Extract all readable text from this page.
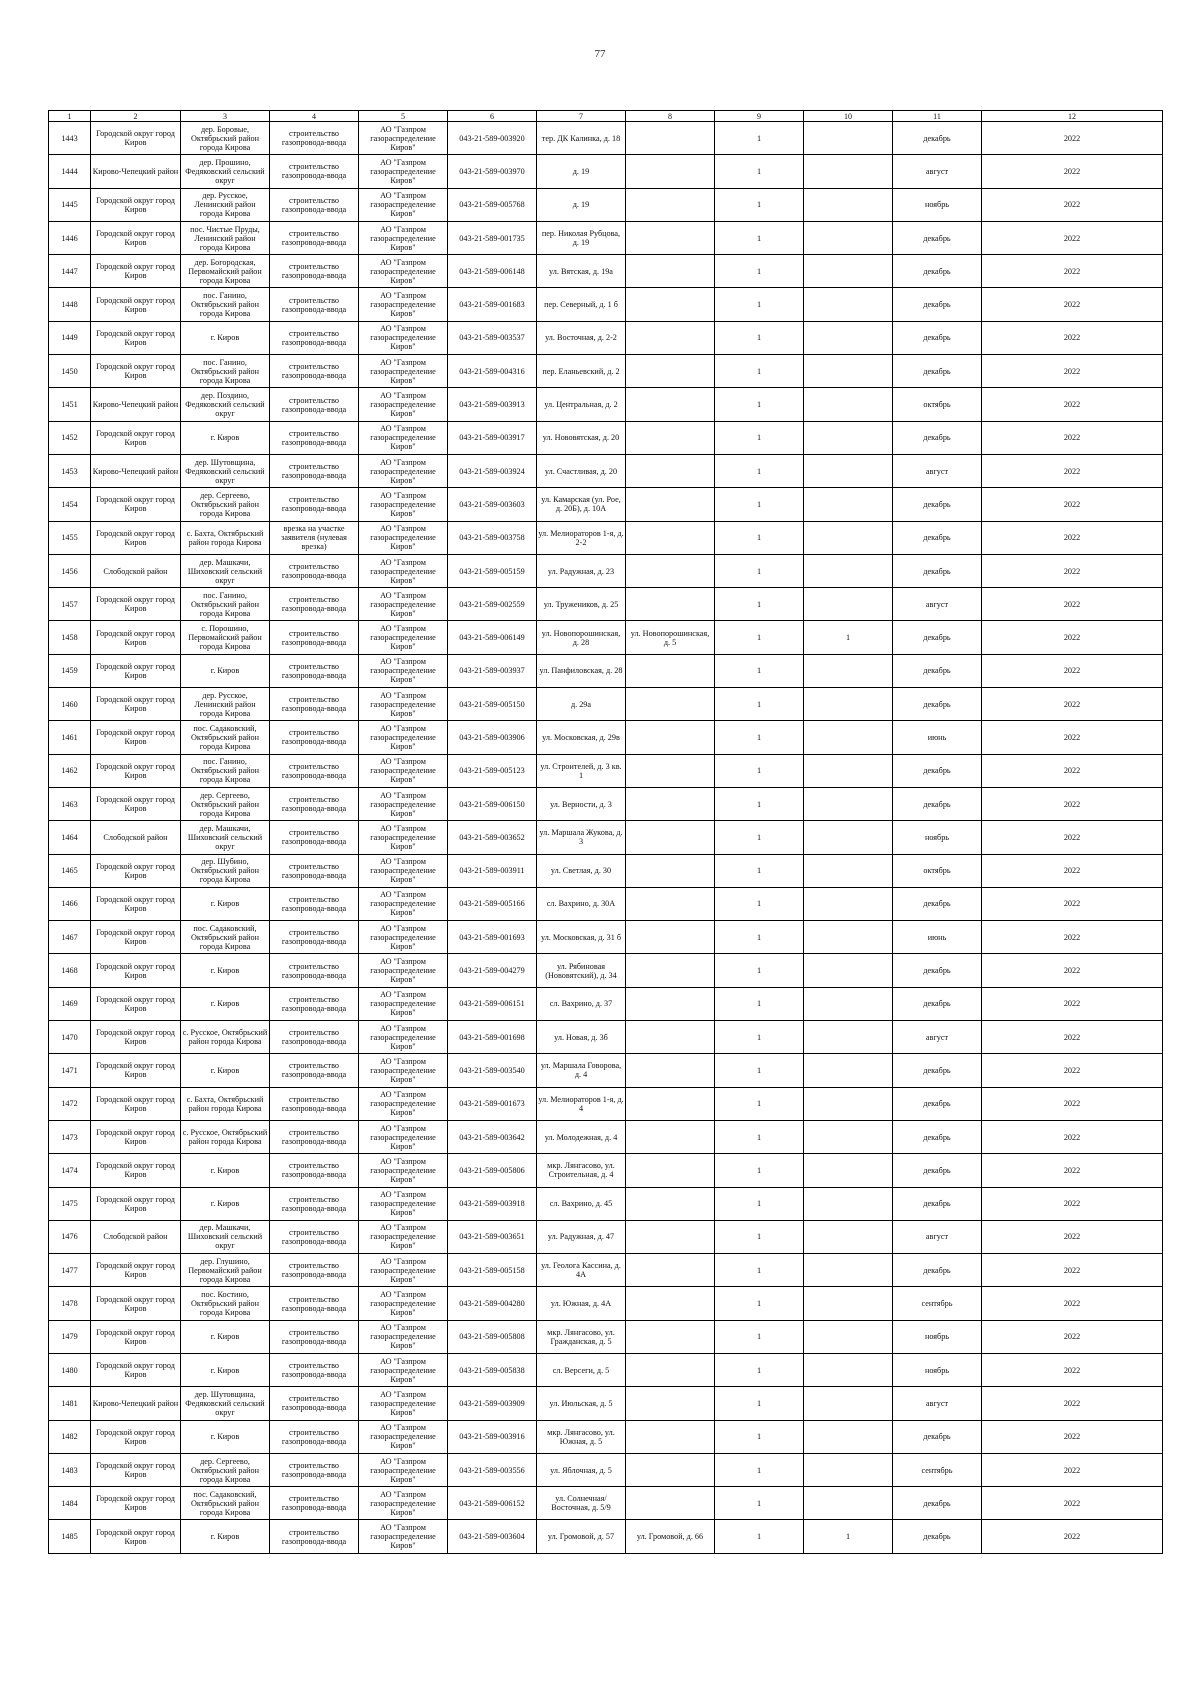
77
1	2	3	4	5	6	7	8	9	10	11	12
1443	Городской округ город Киров	дер. Боровые, Октябрьский район города Кирова	строительство газопровода-ввода	АО "Газпром газораспределение Киров"	043-21-589-003920	тер. ДК Калинка, д. 18		1		декабрь	2022
1444	Кирово-Чепецкий район	дер. Прошино, Федяковский сельский округ	строительство газопровода-ввода	АО "Газпром газораспределение Киров"	043-21-589-003970	д. 19		1		август	2022
1445	Городской округ город Киров	дер. Русское, Ленинский район города Кирова	строительство газопровода-ввода	АО "Газпром газораспределение Киров"	043-21-589-005768	д. 19		1		ноябрь	2022
1446	Городской округ город Киров	пос. Чистые Пруды, Ленинский район города Кирова	строительство газопровода-ввода	АО "Газпром газораспределение Киров"	043-21-589-001735	пер. Николая Рубцова, д. 19		1		декабрь	2022
1447	Городской округ город Киров	дер. Богородская, Первомайский район города Кирова	строительство газопровода-ввода	АО "Газпром газораспределение Киров"	043-21-589-006148	ул. Вятская, д. 19а		1		декабрь	2022
1448	Городской округ город Киров	пос. Ганино, Октябрьский район города Кирова	строительство газопровода-ввода	АО "Газпром газораспределение Киров"	043-21-589-001683	пер. Северный, д. 1 б		1		декабрь	2022
1449	Городской округ город Киров	г. Киров	строительство газопровода-ввода	АО "Газпром газораспределение Киров"	043-21-589-003537	ул. Восточная, д. 2-2		1		декабрь	2022
1450	Городской округ город Киров	пос. Ганино, Октябрьский район города Кирова	строительство газопровода-ввода	АО "Газпром газораспределение Киров"	043-21-589-004316	пер. Еланьевский, д. 2		1		декабрь	2022
1451	Кирово-Чепецкий район	дер. Поздино, Федяковский сельский округ	строительство газопровода-ввода	АО "Газпром газораспределение Киров"	043-21-589-003913	ул. Центральная, д. 2		1		октябрь	2022
1452	Городской округ город Киров	г. Киров	строительство газопровода-ввода	АО "Газпром газораспределение Киров"	043-21-589-003917	ул. Нововятская, д. 20		1		декабрь	2022
1453	Кирово-Чепецкий район	дер. Шутовщина, Федяковский сельский округ	строительство газопровода-ввода	АО "Газпром газораспределение Киров"	043-21-589-003924	ул. Счастливая, д. 20		1		август	2022
1454	Городской округ город Киров	дер. Сергеево, Октябрьский район города Кирова	строительство газопровода-ввода	АО "Газпром газораспределение Киров"	043-21-589-003603	ул. Камарская (ул. Рое, д. 20Б), д. 10А		1		декабрь	2022
1455	Городской округ город Киров	с. Бахта, Октябрьский район города Кирова	врезка на участке заявителя (нулевая врезка)	АО "Газпром газораспределение Киров"	043-21-589-003758	ул. Мелиораторов 1-я, д. 2-2		1		декабрь	2022
1456	Слободской район	дер. Машкачи, Шиховский сельский округ	строительство газопровода-ввода	АО "Газпром газораспределение Киров"	043-21-589-005159	ул. Радужная, д. 23		1		декабрь	2022
1457	Городской округ город Киров	пос. Ганино, Октябрьский район города Кирова	строительство газопровода-ввода	АО "Газпром газораспределение Киров"	043-21-589-002559	ул. Тружеников, д. 25		1		август	2022
1458	Городской округ город Киров	с. Порошино, Первомайский район города Кирова	строительство газопровода-ввода	АО "Газпром газораспределение Киров"	043-21-589-006149	ул. Новопорошинская, д. 28	ул. Новопорошинская, д. 5	1	1	декабрь	2022
1459	Городской округ город Киров	г. Киров	строительство газопровода-ввода	АО "Газпром газораспределение Киров"	043-21-589-003937	ул. Панфиловская, д. 28		1		декабрь	2022
1460	Городской округ город Киров	дер. Русское, Ленинский район города Кирова	строительство газопровода-ввода	АО "Газпром газораспределение Киров"	043-21-589-005150	д. 29а		1		декабрь	2022
1461	Городской округ город Киров	пос. Садаковский, Октябрьский район города Кирова	строительство газопровода-ввода	АО "Газпром газораспределение Киров"	043-21-589-003906	ул. Московская, д. 29в		1		июнь	2022
1462	Городской округ город Киров	пос. Ганино, Октябрьский район города Кирова	строительство газопровода-ввода	АО "Газпром газораспределение Киров"	043-21-589-005123	ул. Строителей, д. 3 кв. 1		1		декабрь	2022
1463	Городской округ город Киров	дер. Сергеево, Октябрьский район города Кирова	строительство газопровода-ввода	АО "Газпром газораспределение Киров"	043-21-589-006150	ул. Верности, д. 3		1		декабрь	2022
1464	Слободской район	дер. Машкачи, Шиховский сельский округ	строительство газопровода-ввода	АО "Газпром газораспределение Киров"	043-21-589-003652	ул. Маршала Жукова, д. 3		1		ноябрь	2022
1465	Городской округ город Киров	дер. Шубино, Октябрьский район города Кирова	строительство газопровода-ввода	АО "Газпром газораспределение Киров"	043-21-589-003911	ул. Светлая, д. 30		1		октябрь	2022
1466	Городской округ город Киров	г. Киров	строительство газопровода-ввода	АО "Газпром газораспределение Киров"	043-21-589-005166	сл. Вахрино, д. 30А		1		декабрь	2022
1467	Городской округ город Киров	пос. Садаковский, Октябрьский район города Кирова	строительство газопровода-ввода	АО "Газпром газораспределение Киров"	043-21-589-001693	ул. Московская, д. 31 б		1		июнь	2022
1468	Городской округ город Киров	г. Киров	строительство газопровода-ввода	АО "Газпром газораспределение Киров"	043-21-589-004279	ул. Рябиновая (Нововятский), д. 34		1		декабрь	2022
1469	Городской округ город Киров	г. Киров	строительство газопровода-ввода	АО "Газпром газораспределение Киров"	043-21-589-006151	сл. Вахрино, д. 37		1		декабрь	2022
1470	Городской округ город Киров	с. Русское, Октябрьский район города Кирова	строительство газопровода-ввода	АО "Газпром газораспределение Киров"	043-21-589-001698	ул. Новая, д. 3б		1		август	2022
1471	Городской округ город Киров	г. Киров	строительство газопровода-ввода	АО "Газпром газораспределение Киров"	043-21-589-003540	ул. Маршала Говорова, д. 4		1		декабрь	2022
1472	Городской округ город Киров	с. Бахта, Октябрьский район города Кирова	строительство газопровода-ввода	АО "Газпром газораспределение Киров"	043-21-589-001673	ул. Мелиораторов 1-я, д. 4		1		декабрь	2022
1473	Городской округ город Киров	с. Русское, Октябрьский район города Кирова	строительство газопровода-ввода	АО "Газпром газораспределение Киров"	043-21-589-003642	ул. Молодежная, д. 4		1		декабрь	2022
1474	Городской округ город Киров	г. Киров	строительство газопровода-ввода	АО "Газпром газораспределение Киров"	043-21-589-005806	мкр. Лянгасово, ул. Строительная, д. 4		1		декабрь	2022
1475	Городской округ город Киров	г. Киров	строительство газопровода-ввода	АО "Газпром газораспределение Киров"	043-21-589-003918	сл. Вахрино, д. 45		1		декабрь	2022
1476	Слободской район	дер. Машкачи, Шиховский сельский округ	строительство газопровода-ввода	АО "Газпром газораспределение Киров"	043-21-589-003651	ул. Радужная, д. 47		1		август	2022
1477	Городской округ город Киров	дер. Глушино, Первомайский район города Кирова	строительство газопровода-ввода	АО "Газпром газораспределение Киров"	043-21-589-005158	ул. Геолога Кассина, д. 4А		1		декабрь	2022
1478	Городской округ город Киров	пос. Костино, Октябрьский район города Кирова	строительство газопровода-ввода	АО "Газпром газораспределение Киров"	043-21-589-004280	ул. Южная, д. 4А		1		сентябрь	2022
1479	Городской округ город Киров	г. Киров	строительство газопровода-ввода	АО "Газпром газораспределение Киров"	043-21-589-005808	мкр. Лянгасово, ул. Гражданская, д. 5		1		ноябрь	2022
1480	Городской округ город Киров	г. Киров	строительство газопровода-ввода	АО "Газпром газораспределение Киров"	043-21-589-005838	сл. Версеги, д. 5		1		ноябрь	2022
1481	Кирово-Чепецкий район	дер. Шутовщина, Федяковский сельский округ	строительство газопровода-ввода	АО "Газпром газораспределение Киров"	043-21-589-003909	ул. Июльская, д. 5		1		август	2022
1482	Городской округ город Киров	г. Киров	строительство газопровода-ввода	АО "Газпром газораспределение Киров"	043-21-589-003916	мкр. Лянгасово, ул. Южная, д. 5		1		декабрь	2022
1483	Городской округ город Киров	дер. Сергеево, Октябрьский район города Кирова	строительство газопровода-ввода	АО "Газпром газораспределение Киров"	043-21-589-003556	ул. Яблочная, д. 5		1		сентябрь	2022
1484	Городской округ город Киров	пос. Садаковский, Октябрьский район города Кирова	строительство газопровода-ввода	АО "Газпром газораспределение Киров"	043-21-589-006152	ул. Солнечная/Восточная, д. 5/9		1		декабрь	2022
1485	Городской округ город Киров	г. Киров	строительство газопровода-ввода	АО "Газпром газораспределение Киров"	043-21-589-003604	ул. Громовой, д. 57	ул. Громовой, д. 66	1	1	декабрь	2022
